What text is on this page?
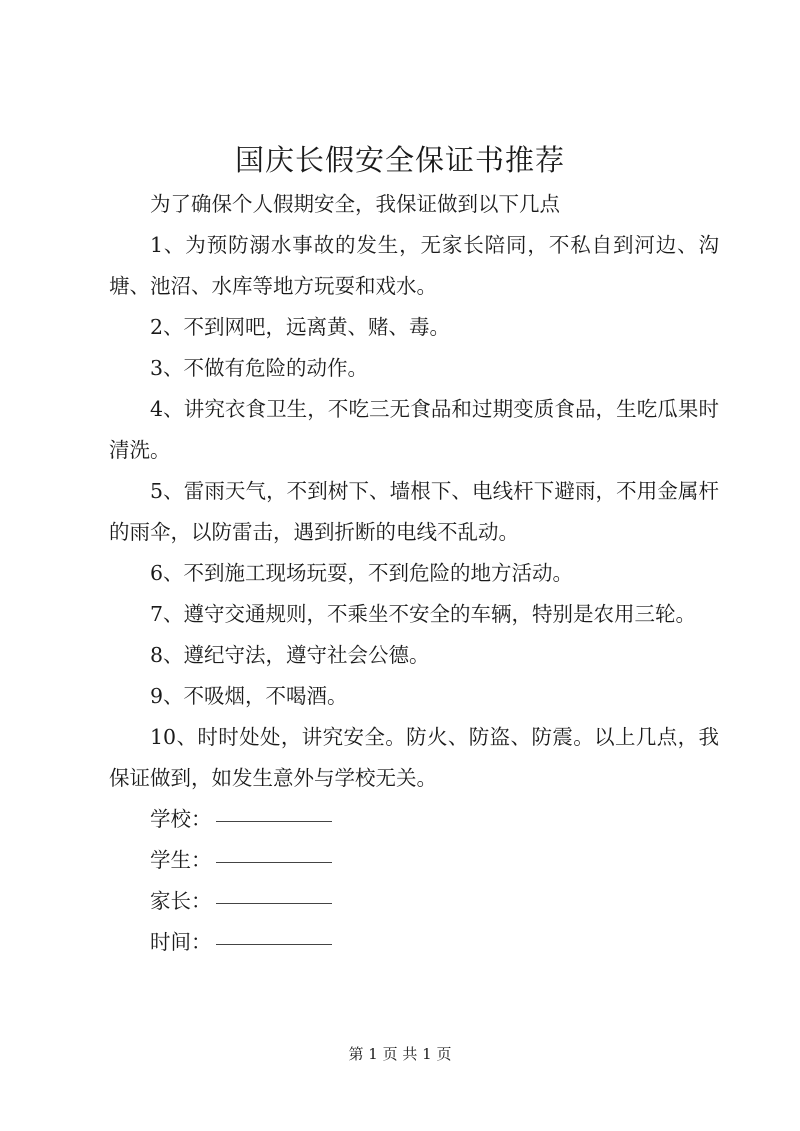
国庆长假安全保证书推荐

为了确保个人假期安全，我保证做到以下几点

1、为预防溺水事故的发生，无家长陪同，不私自到河边、沟塘、池沼、水库等地方玩耍和戏水。

2、不到网吧，远离黄、赌、毒。

3、不做有危险的动作。

4、讲究衣食卫生，不吃三无食品和过期变质食品，生吃瓜果时清洗。

5、雷雨天气，不到树下、墙根下、电线杆下避雨，不用金属杆的雨伞，以防雷击，遇到折断的电线不乱动。

6、不到施工现场玩耍，不到危险的地方活动。

7、遵守交通规则，不乘坐不安全的车辆，特别是农用三轮。

8、遵纪守法，遵守社会公德。

9、不吸烟，不喝酒。

10、时时处处，讲究安全。防火、防盗、防震。以上几点，我保证做到，如发生意外与学校无关。

学校：
学生：
家长：
时间：
第 1 页 共 1 页
